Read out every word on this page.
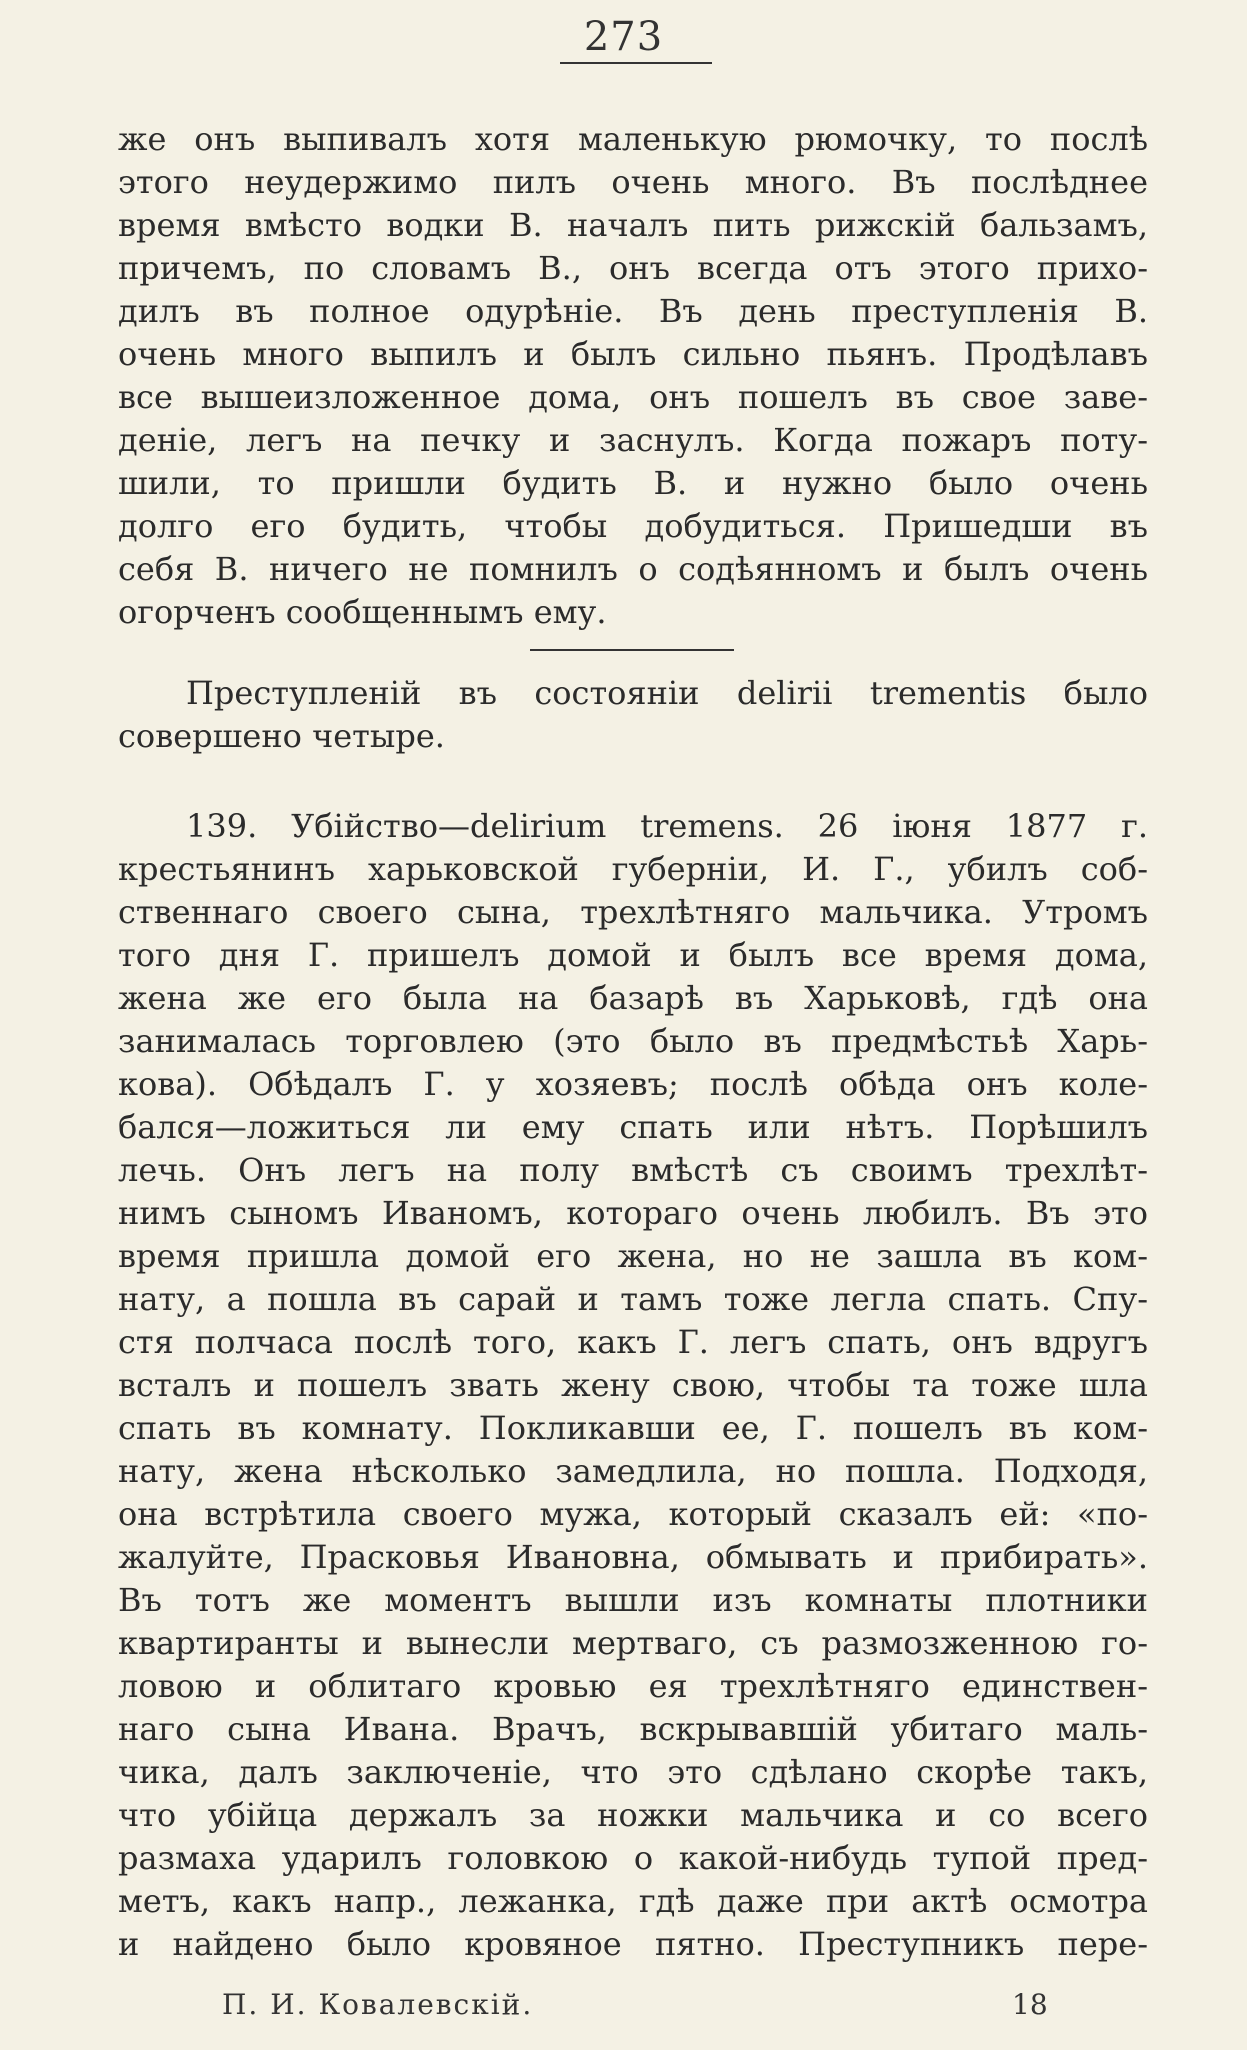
273
же онъ выпивалъ хотя маленькую рюмочку, то послѣ
этого неудержимо пилъ очень много. Въ послѣднее
время вмѣсто водки В. началъ пить рижскій бальзамъ,
причемъ, по словамъ В., онъ всегда отъ этого прихо-
дилъ въ полное одурѣніе. Въ день преступленія В.
очень много выпилъ и былъ сильно пьянъ. Продѣлавъ
все вышеизложенное дома, онъ пошелъ въ свое заве-
деніе, легъ на печку и заснулъ. Когда пожаръ поту-
шили, то пришли будить В. и нужно было очень
долго его будить, чтобы добудиться. Пришедши въ
себя В. ничего не помнилъ о содѣянномъ и былъ очень
огорченъ сообщеннымъ ему.
Преступленій въ состояніи delirii trementis было
совершено четыре.
139. Убійство—delirium tremens. 26 іюня 1877 г.
крестьянинъ харьковской губерніи, И. Г., убилъ соб-
ственнаго своего сына, трехлѣтняго мальчика. Утромъ
того дня Г. пришелъ домой и былъ все время дома,
жена же его была на базарѣ въ Харьковѣ, гдѣ она
занималась торговлею (это было въ предмѣстьѣ Харь-
кова). Обѣдалъ Г. у хозяевъ; послѣ обѣда онъ коле-
бался—ложиться ли ему спать или нѣтъ. Порѣшилъ
лечь. Онъ легъ на полу вмѣстѣ съ своимъ трехлѣт-
нимъ сыномъ Иваномъ, котораго очень любилъ. Въ это
время пришла домой его жена, но не зашла въ ком-
нату, а пошла въ сарай и тамъ тоже легла спать. Спу-
стя полчаса послѣ того, какъ Г. легъ спать, онъ вдругъ
всталъ и пошелъ звать жену свою, чтобы та тоже шла
спать въ комнату. Покликавши ее, Г. пошелъ въ ком-
нату, жена нѣсколько замедлила, но пошла. Подходя,
она встрѣтила своего мужа, который сказалъ ей: «по-
жалуйте, Прасковья Ивановна, обмывать и прибирать».
Въ тотъ же моментъ вышли изъ комнаты плотники
квартиранты и вынесли мертваго, съ размозженною го-
ловою и облитаго кровью ея трехлѣтняго единствен-
наго сына Ивана. Врачъ, вскрывавшій убитаго маль-
чика, далъ заключеніе, что это сдѣлано скорѣе такъ,
что убійца держалъ за ножки мальчика и со всего
размаха ударилъ головкою о какой-нибудь тупой пред-
метъ, какъ напр., лежанка, гдѣ даже при актѣ осмотра
и найдено было кровяное пятно. Преступникъ пере-
П. И. Ковалевскій.	18
